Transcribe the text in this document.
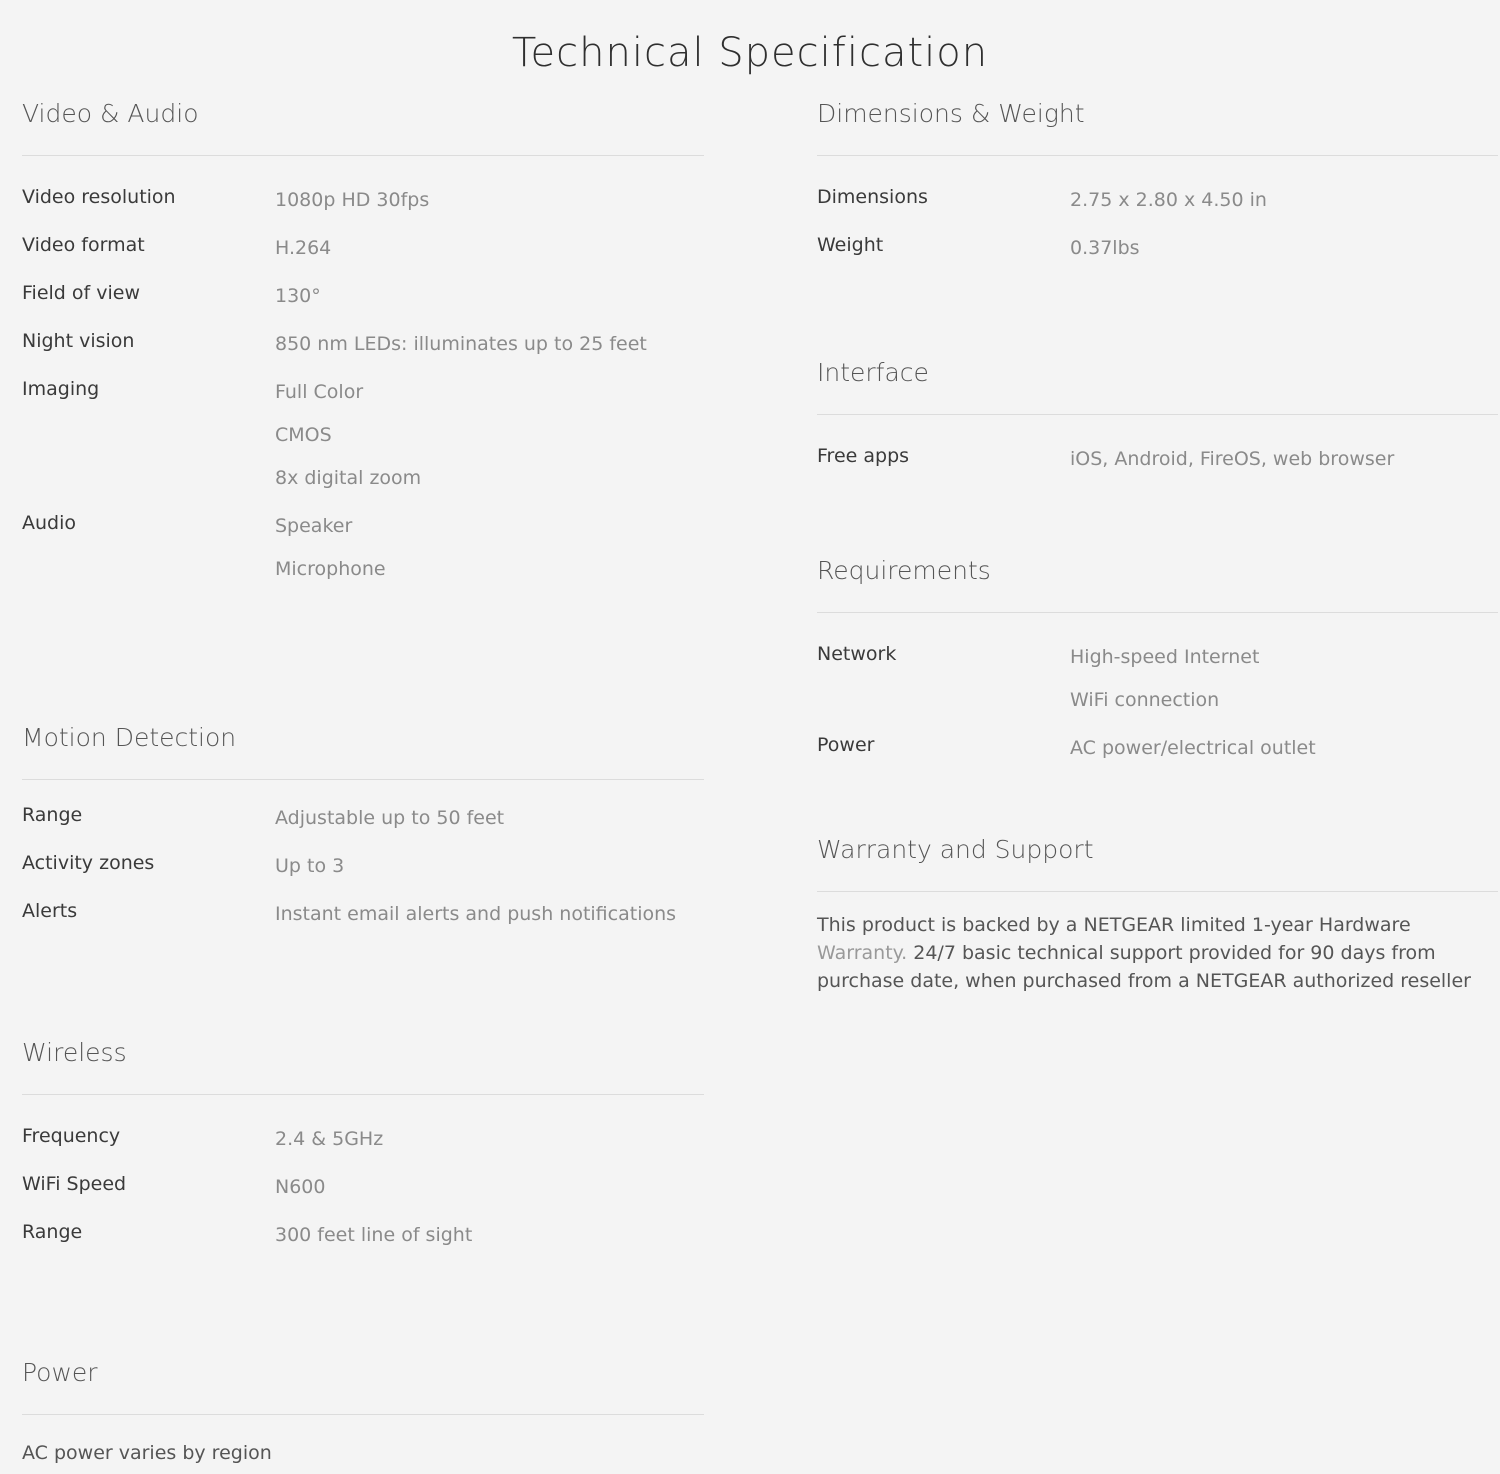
Technical Specification
Video & Audio
Video resolution	1080p HD 30fps
Video format	H.264
Field of view	130°
Night vision	850 nm LEDs: illuminates up to 25 feet
Imaging	Full Color
CMOS
8x digital zoom
Audio	Speaker
Microphone
Motion Detection
Range	Adjustable up to 50 feet
Activity zones	Up to 3
Alerts	Instant email alerts and push notifications
Wireless
Frequency	2.4 & 5GHz
WiFi Speed	N600
Range	300 feet line of sight
Power
AC power varies by region
Dimensions & Weight
Dimensions	2.75 x 2.80 x 4.50 in
Weight	0.37lbs
Interface
Free apps	iOS, Android, FireOS, web browser
Requirements
Network	High-speed Internet
WiFi connection
Power	AC power/electrical outlet
Warranty and Support

This product is backed by a NETGEAR limited 1-year Hardware Warranty. 24/7 basic technical support provided for 90 days from purchase date, when purchased from a NETGEAR authorized reseller
